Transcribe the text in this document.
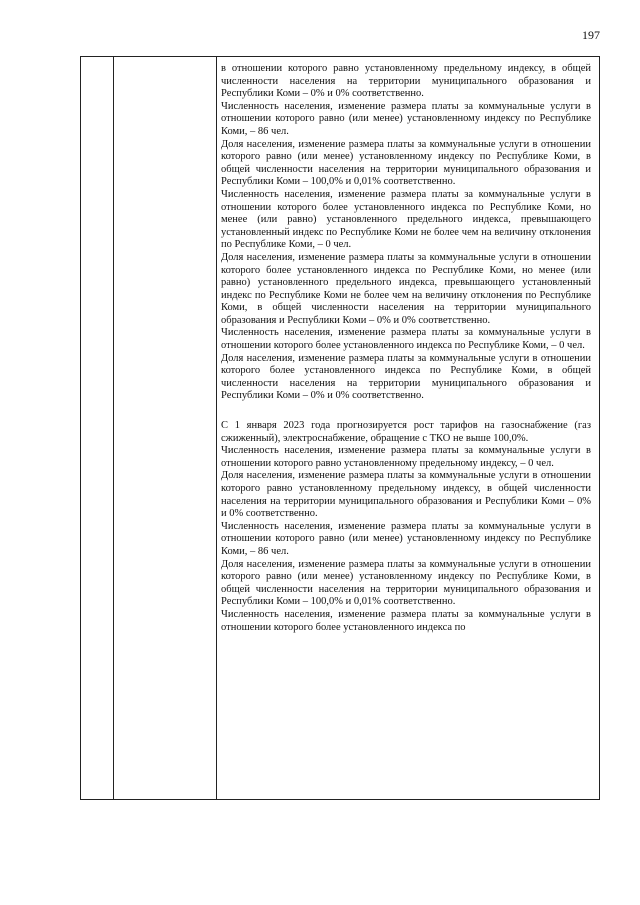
197

в отношении которого равно установленному предельному индексу, в общей численности населения на территории муниципального образования и Республики Коми – 0% и 0% соответственно.

Численность населения, изменение размера платы за коммунальные услуги в отношении которого равно (или менее) установленному индексу по Республике Коми, – 86 чел.

Доля населения, изменение размера платы за коммунальные услуги в отношении которого равно (или менее) установленному индексу по Республике Коми, в общей численности населения на территории муниципального образования и Республики Коми – 100,0% и 0,01% соответственно.

Численность населения, изменение размера платы за коммунальные услуги в отношении которого более установленного индекса по Республике Коми, но менее (или равно) установленного предельного индекса, превышающего установленный индекс по Республике Коми не более чем на величину отклонения по Республике Коми, – 0 чел.

Доля населения, изменение размера платы за коммунальные услуги в отношении которого более установленного индекса по Республике Коми, но менее (или равно) установленного предельного индекса, превышающего установленный индекс по Республике Коми не более чем на величину отклонения по Республике Коми, в общей численности населения на территории муниципального образования и Республики Коми – 0% и 0% соответственно.

Численность населения, изменение размера платы за коммунальные услуги в отношении которого более установленного индекса по Республике Коми, – 0 чел.

Доля населения, изменение размера платы за коммунальные услуги в отношении которого более установленного индекса по Республике Коми, в общей численности населения на территории муниципального образования и Республики Коми – 0% и 0% соответственно.

С 1 января 2023 года прогнозируется рост тарифов на газоснабжение (газ сжиженный), электроснабжение, обращение с ТКО не выше 100,0%.

Численность населения, изменение размера платы за коммунальные услуги в отношении которого равно установленному предельному индексу, – 0 чел.

Доля населения, изменение размера платы за коммунальные услуги в отношении которого равно установленному предельному индексу, в общей численности населения на территории муниципального образования и Республики Коми – 0% и 0% соответственно.

Численность населения, изменение размера платы за коммунальные услуги в отношении которого равно (или менее) установленному индексу по Республике Коми, – 86 чел.

Доля населения, изменение размера платы за коммунальные услуги в отношении которого равно (или менее) установленному индексу по Республике Коми, в общей численности населения на территории муниципального образования и Республики Коми – 100,0% и 0,01% соответственно.

Численность населения, изменение размера платы за коммунальные услуги в отношении которого более установленного индекса по
